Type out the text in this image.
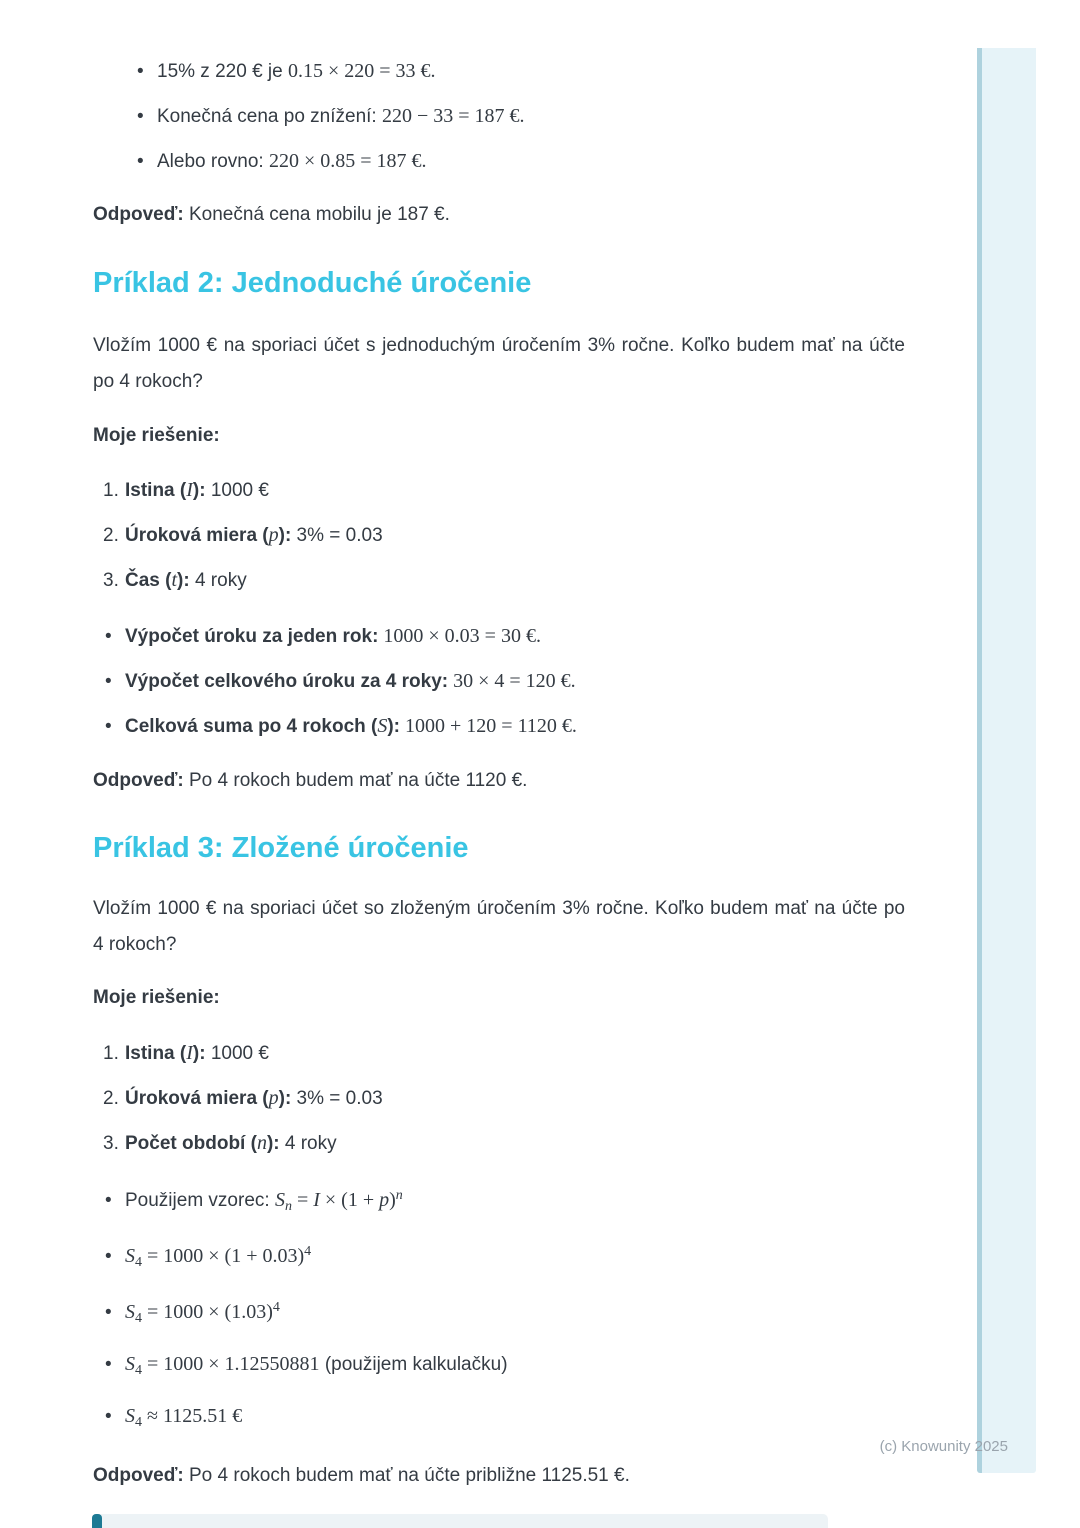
• 15% z 220 € je 0.15 × 220 = 33 €.
• Konečná cena po znížení: 220 − 33 = 187 €.
• Alebo rovno: 220 × 0.85 = 187 €.

Odpoveď: Konečná cena mobilu je 187 €.

Príklad 2: Jednoduché úročenie

Vložím 1000 € na sporiaci účet s jednoduchým úročením 3% ročne. Koľko budem mať na účte po 4 rokoch?

Moje riešenie:

1. Istina (I): 1000 €
2. Úroková miera (p): 3% = 0.03
3. Čas (t): 4 roky
• Výpočet úroku za jeden rok: 1000 × 0.03 = 30 €.
• Výpočet celkového úroku za 4 roky: 30 × 4 = 120 €.
• Celková suma po 4 rokoch (S): 1000 + 120 = 1120 €.

Odpoveď: Po 4 rokoch budem mať na účte 1120 €.

Príklad 3: Zložené úročenie

Vložím 1000 € na sporiaci účet so zloženým úročením 3% ročne. Koľko budem mať na účte po 4 rokoch?

Moje riešenie:

1. Istina (I): 1000 €
2. Úroková miera (p): 3% = 0.03
3. Počet období (n): 4 roky
• Použijem vzorec: $S_n = I \times (1 + p)^n$
• $S_4 = 1000 \times (1 + 0.03)^4$
• $S_4 = 1000 \times (1.03)^4$
• $S_4 = 1000 \times 1.12550881$ (použijem kalkulačku)
• $S_4 \approx 1125.51$ €

Odpoveď: Po 4 rokoch budem mať na účte približne 1125.51 €.

(c) Knowunity 2025
